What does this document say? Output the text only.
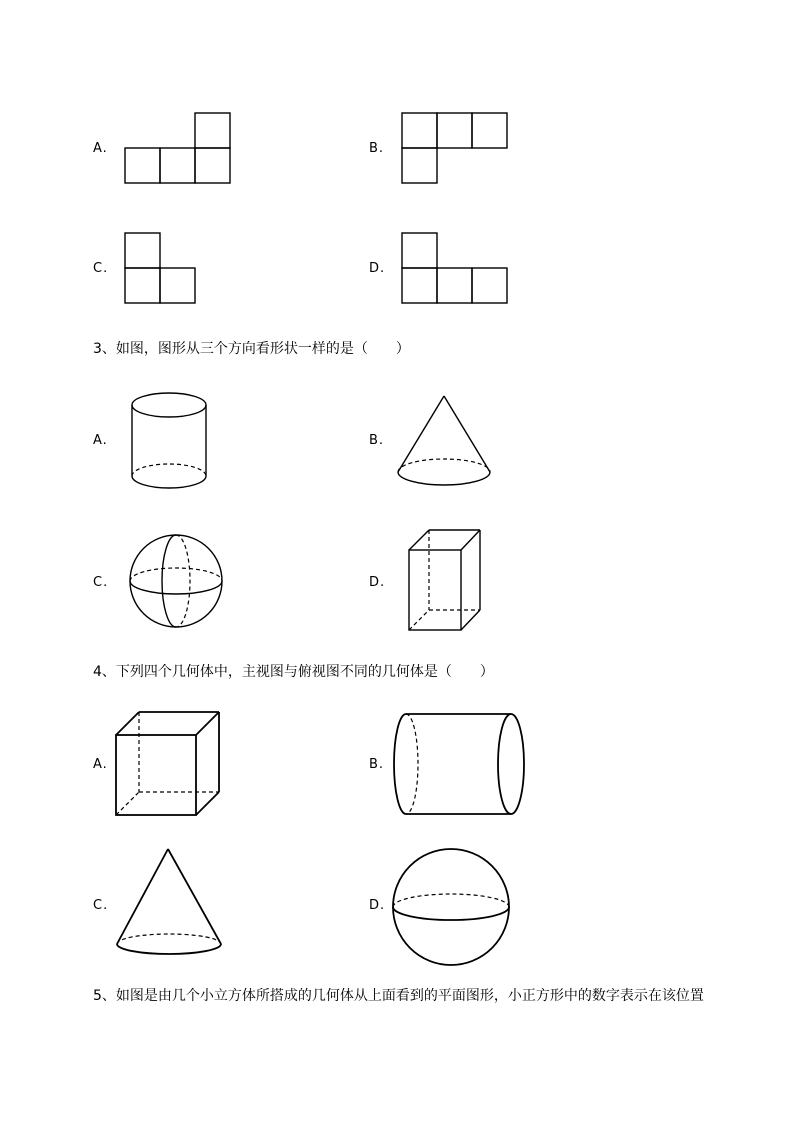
A.	B.
C.	D.
3、如图，图形从三个方向看形状一样的是（　　）
A.	B.
C.	D.
4、下列四个几何体中，主视图与俯视图不同的几何体是（　　）
A.	B.
C.	D.
5、如图是由几个小立方体所搭成的几何体从上面看到的平面图形，小正方形中的数字表示在该位置
